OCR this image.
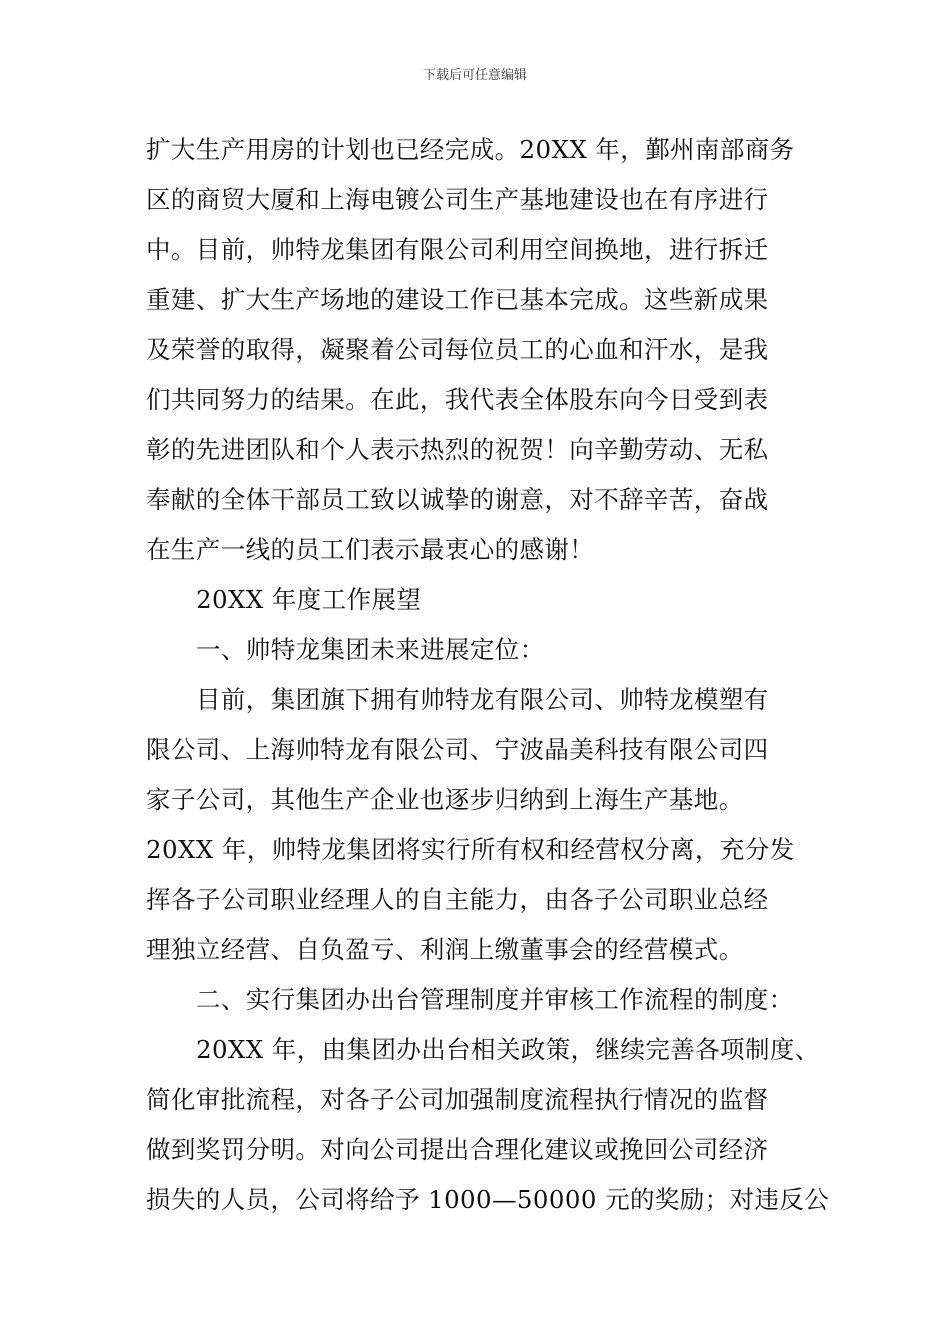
下载后可任意编辑
扩大生产用房的计划也已经完成。20XX 年，鄞州南部商务
区的商贸大厦和上海电镀公司生产基地建设也在有序进行
中。目前，帅特龙集团有限公司利用空间换地，进行拆迁
重建、扩大生产场地的建设工作已基本完成。这些新成果
及荣誉的取得，凝聚着公司每位员工的心血和汗水，是我
们共同努力的结果。在此，我代表全体股东向今日受到表
彰的先进团队和个人表示热烈的祝贺！向辛勤劳动、无私
奉献的全体干部员工致以诚挚的谢意，对不辞辛苦，奋战
在生产一线的员工们表示最衷心的感谢！
20XX 年度工作展望
一、帅特龙集团未来进展定位：
目前，集团旗下拥有帅特龙有限公司、帅特龙模塑有
限公司、上海帅特龙有限公司、宁波晶美科技有限公司四
家子公司，其他生产企业也逐步归纳到上海生产基地。
20XX 年，帅特龙集团将实行所有权和经营权分离，充分发
挥各子公司职业经理人的自主能力，由各子公司职业总经
理独立经营、自负盈亏、利润上缴董事会的经营模式。
二、实行集团办出台管理制度并审核工作流程的制度：
20XX 年，由集团办出台相关政策，继续完善各项制度、
简化审批流程，对各子公司加强制度流程执行情况的监督
做到奖罚分明。对向公司提出合理化建议或挽回公司经济
损失的人员，公司将给予 1000—50000 元的奖励；对违反公
